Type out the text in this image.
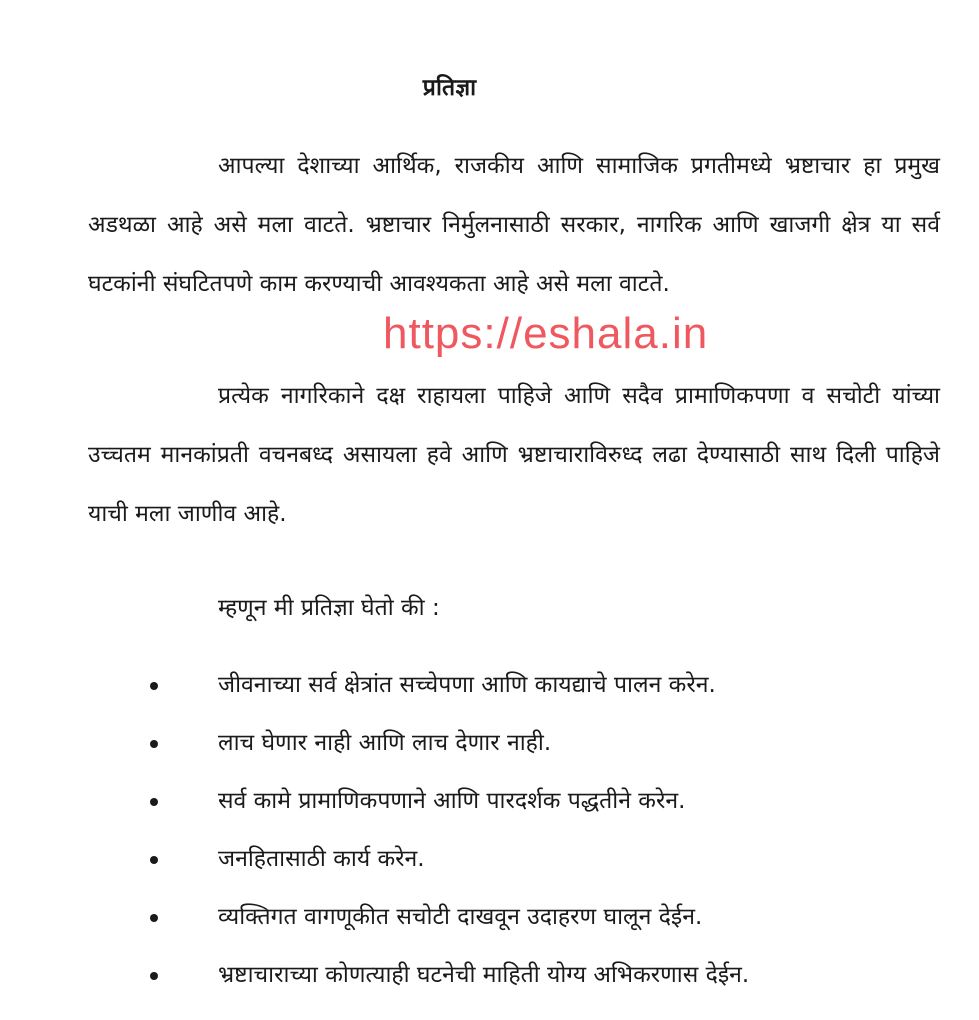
प्रतिज्ञा

आपल्या देशाच्या आर्थिक, राजकीय आणि सामाजिक प्रगतीमध्ये भ्रष्टाचार हा प्रमुख अडथळा आहे असे मला वाटते. भ्रष्टाचार निर्मुलनासाठी सरकार, नागरिक आणि खाजगी क्षेत्र या सर्व घटकांनी संघटितपणे काम करण्याची आवश्यकता आहे असे मला वाटते.

https://eshala.in

प्रत्येक नागरिकाने दक्ष राहायला पाहिजे आणि सदैव प्रामाणिकपणा व सचोटी यांच्या उच्चतम मानकांप्रती वचनबध्द असायला हवे आणि भ्रष्टाचाराविरुध्द लढा देण्यासाठी साथ दिली पाहिजे याची मला जाणीव आहे.

म्हणून मी प्रतिज्ञा घेतो की :
जीवनाच्या सर्व क्षेत्रांत सच्चेपणा आणि कायद्याचे पालन करेन.
लाच घेणार नाही आणि लाच देणार नाही.
सर्व कामे प्रामाणिकपणाने आणि पारदर्शक पद्धतीने करेन.
जनहितासाठी कार्य करेन.
व्यक्तिगत वागणूकीत सचोटी दाखवून उदाहरण घालून देईन.
भ्रष्टाचाराच्या कोणत्याही घटनेची माहिती योग्य अभिकरणास देईन.
